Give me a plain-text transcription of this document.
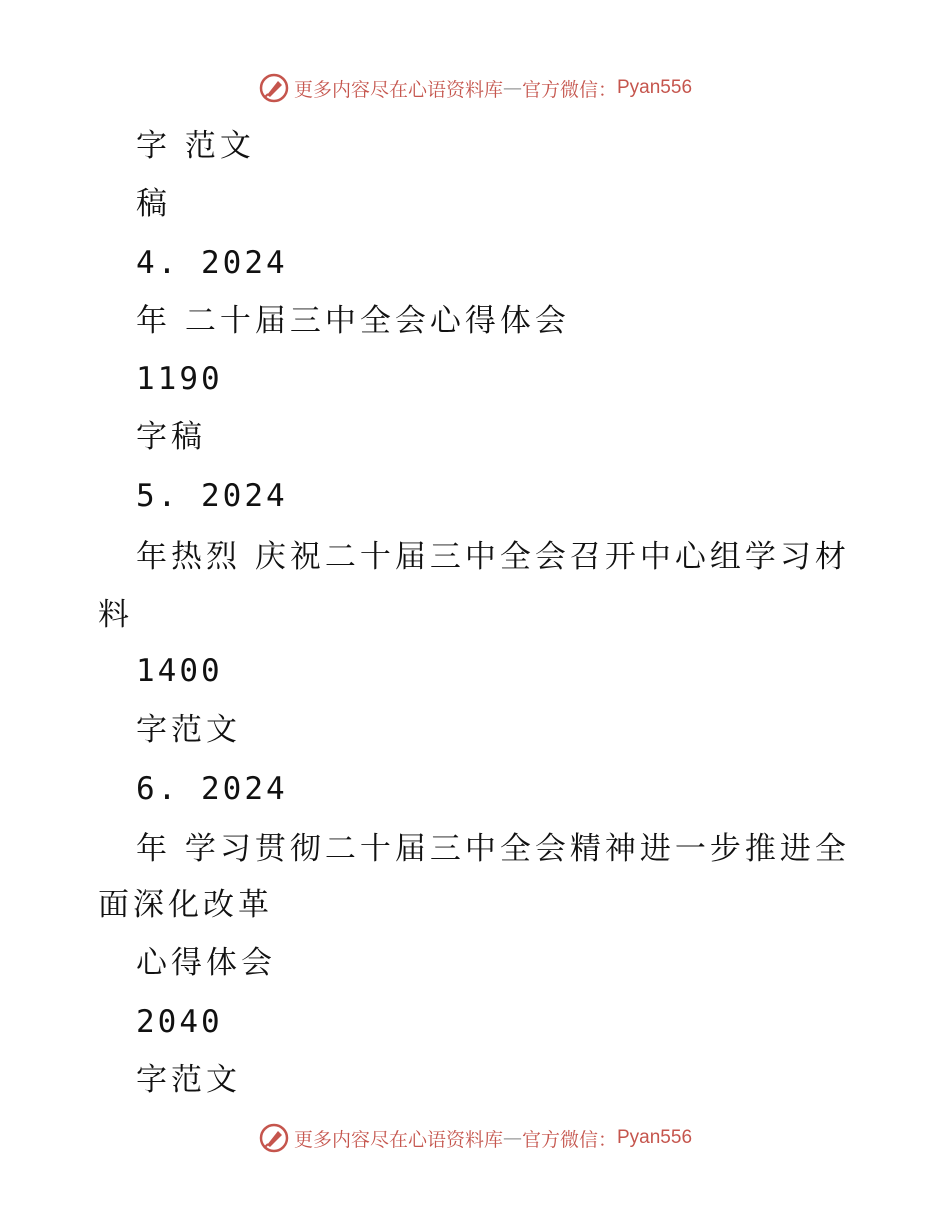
更多内容尽在心语资料库 — 官方微信： Pyan556
字 范文
稿
4. 2024
年 二十届三中全会心得体会
1190
字稿
5. 2024
年热烈 庆祝二十届三中全会召开中心组学习材
料
1400
字范文
6. 2024
年 学习贯彻二十届三中全会精神进一步推进全
面深化改革
心得体会
2040
字范文
更多内容尽在心语资料库 — 官方微信： Pyan556
